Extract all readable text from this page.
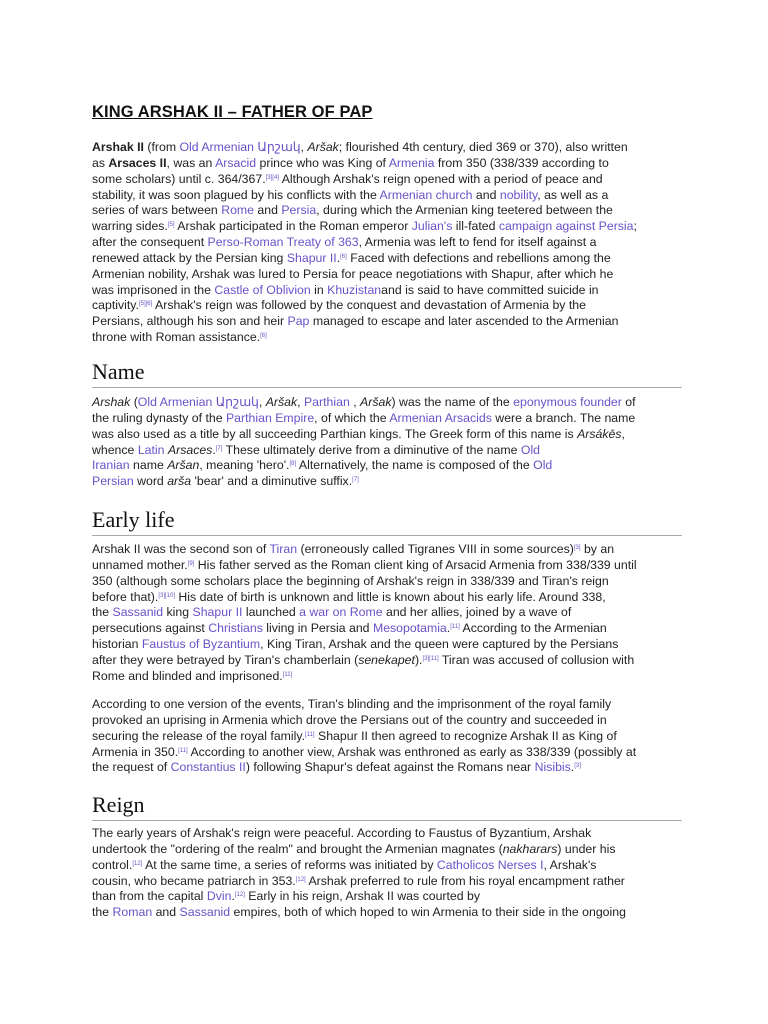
KING ARSHAK II – FATHER OF PAP

Arshak II (from Old Armenian Արշակ, Aršak; flourished 4th century, died 369 or 370), also written
as Arsaces II, was an Arsacid prince who was King of Armenia from 350 (338/339 according to
some scholars) until c. 364/367.[3][4] Although Arshak's reign opened with a period of peace and
stability, it was soon plagued by his conflicts with the Armenian church and nobility, as well as a
series of wars between Rome and Persia, during which the Armenian king teetered between the
warring sides.[5] Arshak participated in the Roman emperor Julian's ill-fated campaign against Persia;
after the consequent Perso-Roman Treaty of 363, Armenia was left to fend for itself against a
renewed attack by the Persian king Shapur II.[6] Faced with defections and rebellions among the
Armenian nobility, Arshak was lured to Persia for peace negotiations with Shapur, after which he
was imprisoned in the Castle of Oblivion in Khuzistanand is said to have committed suicide in
captivity.[5][6] Arshak's reign was followed by the conquest and devastation of Armenia by the
Persians, although his son and heir Pap managed to escape and later ascended to the Armenian
throne with Roman assistance.[6]

Name

Arshak (Old Armenian Արշակ, Aršak, Parthian , Aršak) was the name of the eponymous founder of
the ruling dynasty of the Parthian Empire, of which the Armenian Arsacids were a branch. The name
was also used as a title by all succeeding Parthian kings. The Greek form of this name is Arsákēs,
whence Latin Arsaces.[7] These ultimately derive from a diminutive of the name Old
Iranian name Aršan, meaning 'hero'.[8] Alternatively, the name is composed of the Old
Persian word arša 'bear' and a diminutive suffix.[7]

Early life

Arshak II was the second son of Tiran (erroneously called Tigranes VIII in some sources)[3] by an
unnamed mother.[9] His father served as the Roman client king of Arsacid Armenia from 338/339 until
350 (although some scholars place the beginning of Arshak's reign in 338/339 and Tiran's reign
before that).[3][10] His date of birth is unknown and little is known about his early life. Around 338,
the Sassanid king Shapur II launched a war on Rome and her allies, joined by a wave of
persecutions against Christians living in Persia and Mesopotamia.[11] According to the Armenian
historian Faustus of Byzantium, King Tiran, Arshak and the queen were captured by the Persians
after they were betrayed by Tiran's chamberlain (senekapet).[3][11] Tiran was accused of collusion with
Rome and blinded and imprisoned.[11]

According to one version of the events, Tiran's blinding and the imprisonment of the royal family
provoked an uprising in Armenia which drove the Persians out of the country and succeeded in
securing the release of the royal family.[11] Shapur II then agreed to recognize Arshak II as King of
Armenia in 350.[11] According to another view, Arshak was enthroned as early as 338/339 (possibly at
the request of Constantius II) following Shapur's defeat against the Romans near Nisibis.[3]

Reign

The early years of Arshak's reign were peaceful. According to Faustus of Byzantium, Arshak
undertook the "ordering of the realm" and brought the Armenian magnates (nakharars) under his
control.[12] At the same time, a series of reforms was initiated by Catholicos Nerses I, Arshak's
cousin, who became patriarch in 353.[12] Arshak preferred to rule from his royal encampment rather
than from the capital Dvin.[12] Early in his reign, Arshak II was courted by
the Roman and Sassanid empires, both of which hoped to win Armenia to their side in the ongoing
